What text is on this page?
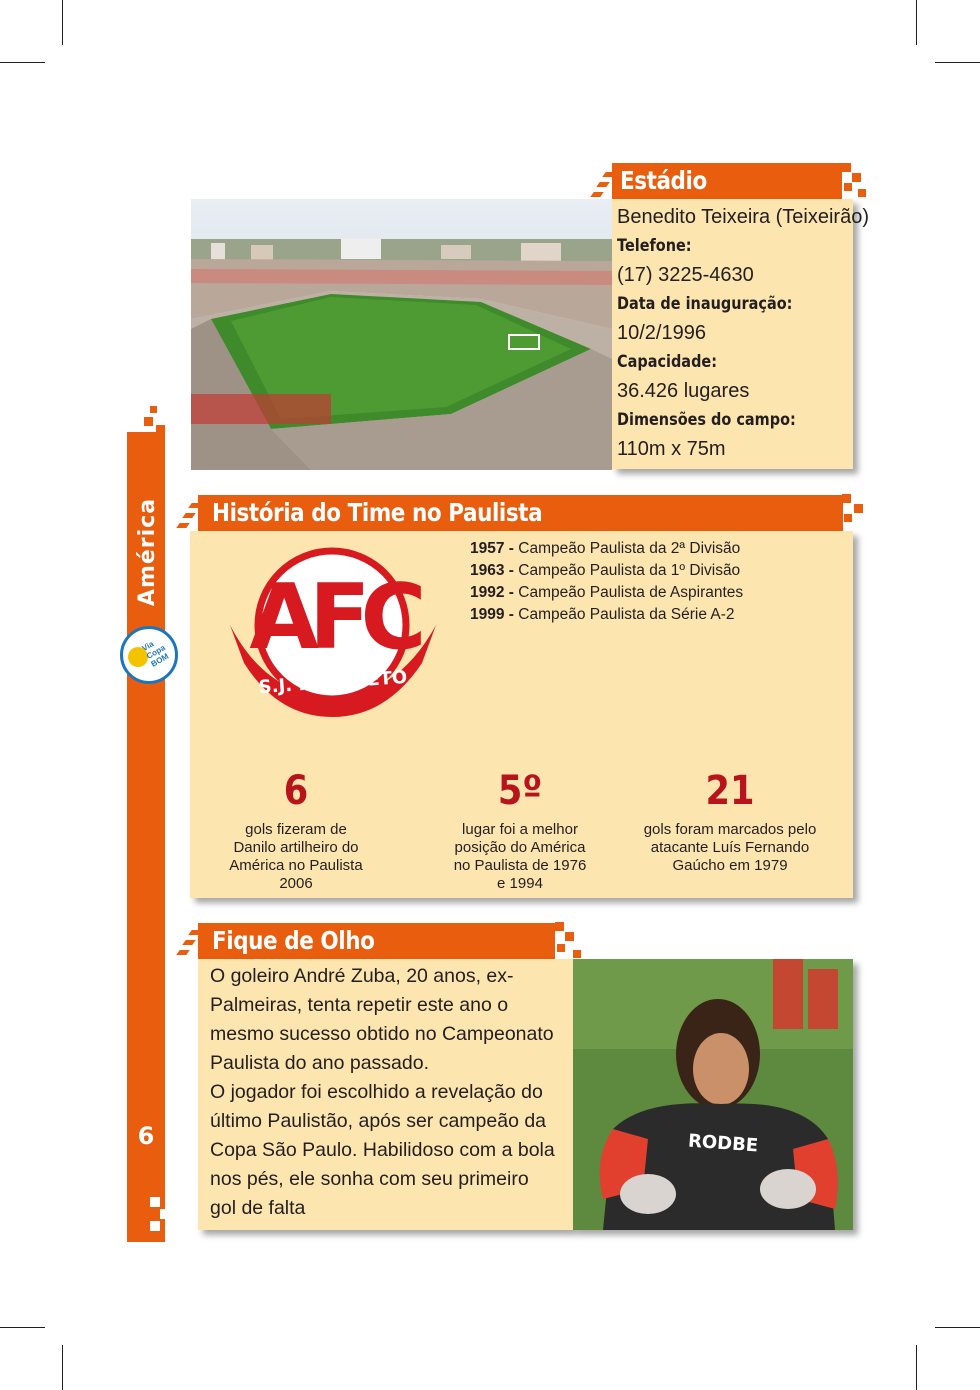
América
6
Via Copa BOM
Estádio
Benedito Teixeira (Teixeirão)
Telefone:
(17) 3225-4630
Data de inauguração:
10/2/1996
Capacidade:
36.426 lugares
Dimensões do campo:
110m x 75m
História do Time no Paulista
AFC
S.J. RIO PRETO
1957 - Campeão Paulista da 2ª Divisão
1963 - Campeão Paulista da 1º Divisão
1992 - Campeão Paulista de Aspirantes
1999 - Campeão Paulista da Série A-2
6
gols fizeram de
Danilo artilheiro do
América no Paulista
2006
5º
lugar foi a melhor
posição do América
no Paulista de 1976
e 1994
21
gols foram marcados pelo
atacante Luís Fernando
Gaúcho em 1979
Fique de Olho
O goleiro André Zuba, 20 anos, ex-
Palmeiras, tenta repetir este ano o
mesmo sucesso obtido no Campeonato
Paulista do ano passado.
O jogador foi escolhido a revelação do
último Paulistão, após ser campeão da
Copa São Paulo. Habilidoso com a bola
nos pés, ele sonha com seu primeiro
gol de falta
RODBE
